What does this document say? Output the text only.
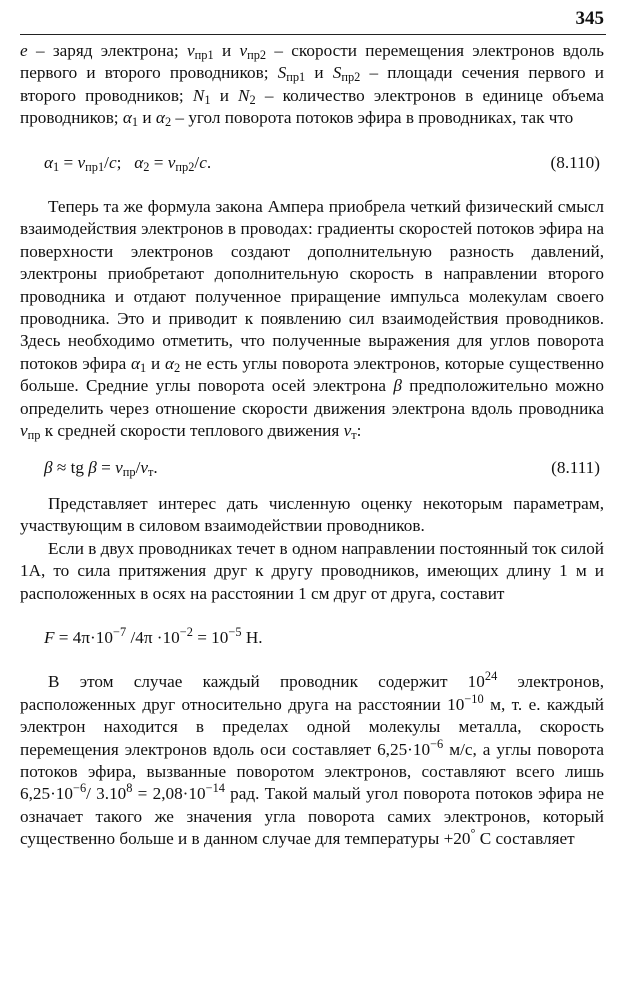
345

e – заряд электрона; $v_{пр1}$ и $v_{пр2}$ – скорости перемещения электронов вдоль первого и второго проводников; $S_{пр1}$ и $S_{пр2}$ – площади сечения первого и второго проводников; $N_1$ и $N_2$ – количество электронов в единице объема проводников; $\alpha_1$ и $\alpha_2$ – угол поворота потоков эфира в проводниках, так что

$\alpha_1 = v_{пр1}/c$;   $\alpha_2 = v_{пр2}/c$.	(8.110)

Теперь та же формула закона Ампера приобрела четкий физический смысл взаимодействия электронов в проводах: градиенты скоростей потоков эфира на поверхности электронов создают дополнительную разность давлений, электроны приобретают дополнительную скорость в направлении второго проводника и отдают полученное приращение импульса молекулам своего проводника. Это и приводит к появлению сил взаимодействия проводников. Здесь необходимо отметить, что полученные выражения для углов поворота потоков эфира $\alpha_1$ и $\alpha_2$ не есть углы поворота электронов, которые существенно больше. Средние углы поворота осей электрона β предположительно можно определить через отношение скорости движения электрона вдоль проводника $v_{пр}$ к средней скорости теплового движения $v_т$:

β ≈ tg $\beta = v_{пр}/v_т$.	(8.111)

Представляет интерес дать численную оценку некоторым параметрам, участвующим в силовом взаимодействии проводников.

Если в двух проводниках течет в одном направлении постоянный ток силой 1А, то сила притяжения друг к другу проводников, имеющих длину 1 м и расположенных в осях на расстоянии 1 см друг от друга, составит

$F = 4\pi\cdot 10^{-7}$ $/4\pi \cdot 10^{-2} = 10^{-5}$ Н.

В этом случае каждый проводник содержит $10^{24}$ электронов, расположенных друг относительно друга на расстоянии $10^{-10}$ м, т. е. каждый электрон находится в пределах одной молекулы металла, скорость перемещения электронов вдоль оси составляет $6,25\cdot 10^{-6}$ м/с, а углы поворота потоков эфира, вызванные поворотом электронов, составляют всего лишь $6,25\cdot 10^{-6}/$ $3.10^8 = 2,08\cdot 10^{-14}$ рад. Такой малый угол поворота потоков эфира не означает такого же значения угла поворота самих электронов, который существенно больше и в данном случае для температуры +20° С составляет
